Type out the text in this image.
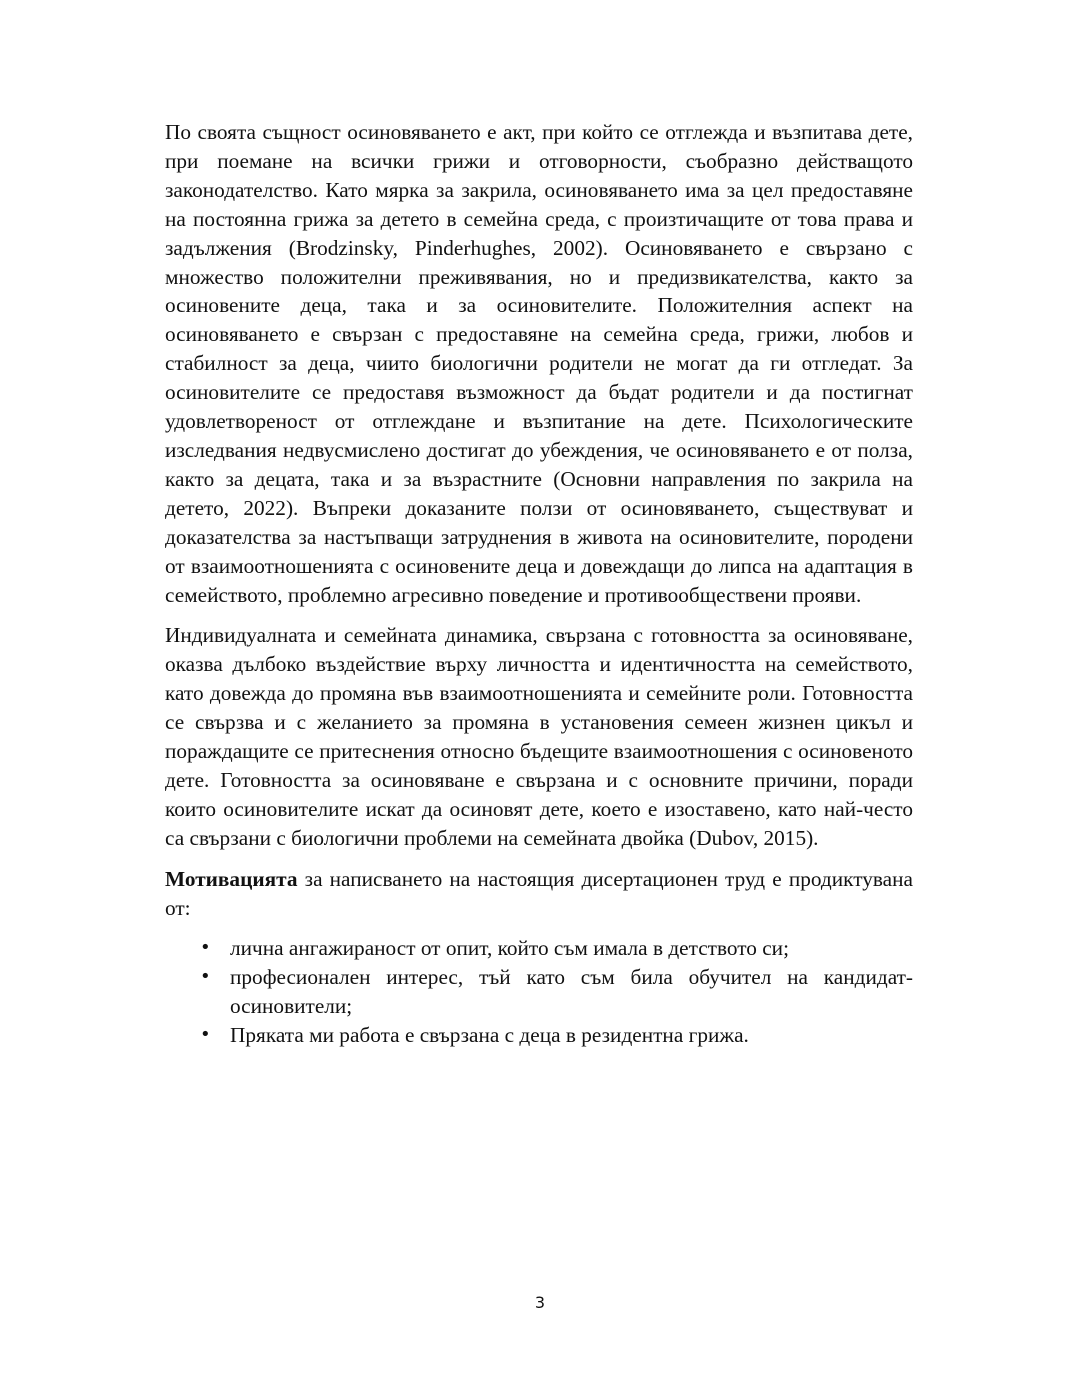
По своята същност осиновяването е акт, при който се отглежда и възпитава дете, при поемане на всички грижи и отговорности, съобразно действащото законодателство. Като мярка за закрила, осиновяването има за цел предоставяне на постоянна грижа за детето в семейна среда, с произтичащите от това права и задължения (Brodzinsky, Pinderhughes, 2002). Осиновяването е свързано с множество положителни преживявания, но и предизвикателства, както за осиновените деца, така и за осиновителите. Положителния аспект на осиновяването е свързан с предоставяне на семейна среда, грижи, любов и стабилност за деца, чиито биологични родители не могат да ги отгледат. За осиновителите се предоставя възможност да бъдат родители и да постигнат удовлетвореност от отглеждане и възпитание на дете. Психологическите изследвания недвусмислено достигат до убеждения, че осиновяването е от полза, както за децата, така и за възрастните (Основни направления по закрила на детето, 2022). Въпреки доказаните ползи от осиновяването, съществуват и доказателства за настъпващи затруднения в живота на осиновителите, породени от взаимоотношенията с осиновените деца и довеждащи до липса на адаптация в семейството, проблемно агресивно поведение и противообществени прояви.

Индивидуалната и семейната динамика, свързана с готовността за осиновяване, оказва дълбоко въздействие върху личността и идентичността на семейството, като довежда до промяна във взаимоотношенията и семейните роли. Готовността се свързва и с желанието за промяна в установения семеен жизнен цикъл и пораждащите се притеснения относно бъдещите взаимоотношения с осиновеното дете. Готовността за осиновяване е свързана и с основните причини, поради които осиновителите искат да осиновят дете, което е изоставено, като най-често са свързани с биологични проблеми на семейната двойка (Dubov, 2015).

Мотивацията за написването на настоящия дисертационен труд е продиктувана от:

• лична ангажираност от опит, който съм имала в детството си;
• професионален интерес, тъй като съм била обучител на кандидат-осиновители;
• Пряката ми работа е свързана с деца в резидентна грижа.
3
